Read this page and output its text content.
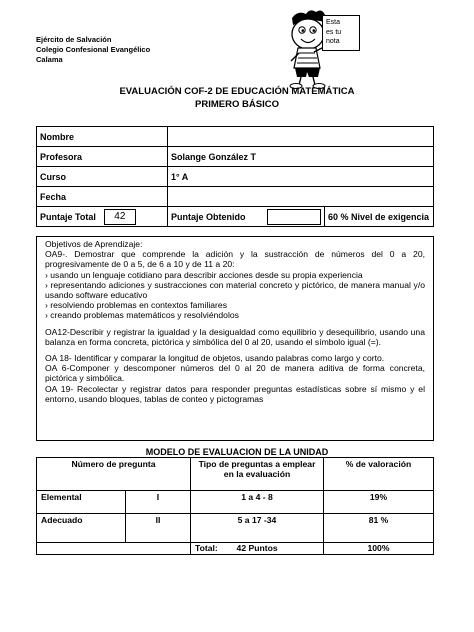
Ejército de Salvación
Colegio Confesional Evangélico
Calama
Esta
es tu
nota
EVALUACIÓN COF-2 DE EDUCACIÓN MATEMÁTICA
PRIMERO BÁSICO
Nombre		
Profesora	Solange González T	
Curso	1° A	
Fecha		

Puntaje Total 42	Puntaje Obtenido	60 % Nivel de exigencia

Objetivos de Aprendizaje:

OA9-. Demostrar que comprende la adición y la sustracción de números del 0 a 20, progresivamente de 0 a 5, de 6 a 10 y de 11 a 20:

› usando un lenguaje cotidiano para describir acciones desde su propia experiencia

› representando adiciones y sustracciones con material concreto y pictórico, de manera manual y/o usando software educativo

› resolviendo problemas en contextos familiares

› creando problemas matemáticos y resolviéndolos

OA12-Describir y registrar la igualdad y la desigualdad como equilibrio y desequilibrio, usando una balanza en forma concreta, pictórica y simbólica del 0 al 20, usando el símbolo igual (=).

OA 18- Identificar y comparar la longitud de objetos, usando palabras como largo y corto.

OA 6-Componer y descomponer números del 0 al 20 de manera aditiva de forma concreta, pictórica y simbólica.

OA 19- Recolectar y registrar datos para responder preguntas estadísticas sobre sí mismo y el entorno, usando bloques, tablas de conteo y pictogramas

MODELO DE EVALUACION DE LA UNIDAD
Número de pregunta		Tipo de preguntas a emplear en la evaluación	% de valoración
Elemental	I	1 a 4 - 8	19%
Adecuado	II	5 a 17 -34	81 %
		Total: 42 Puntos	100%
